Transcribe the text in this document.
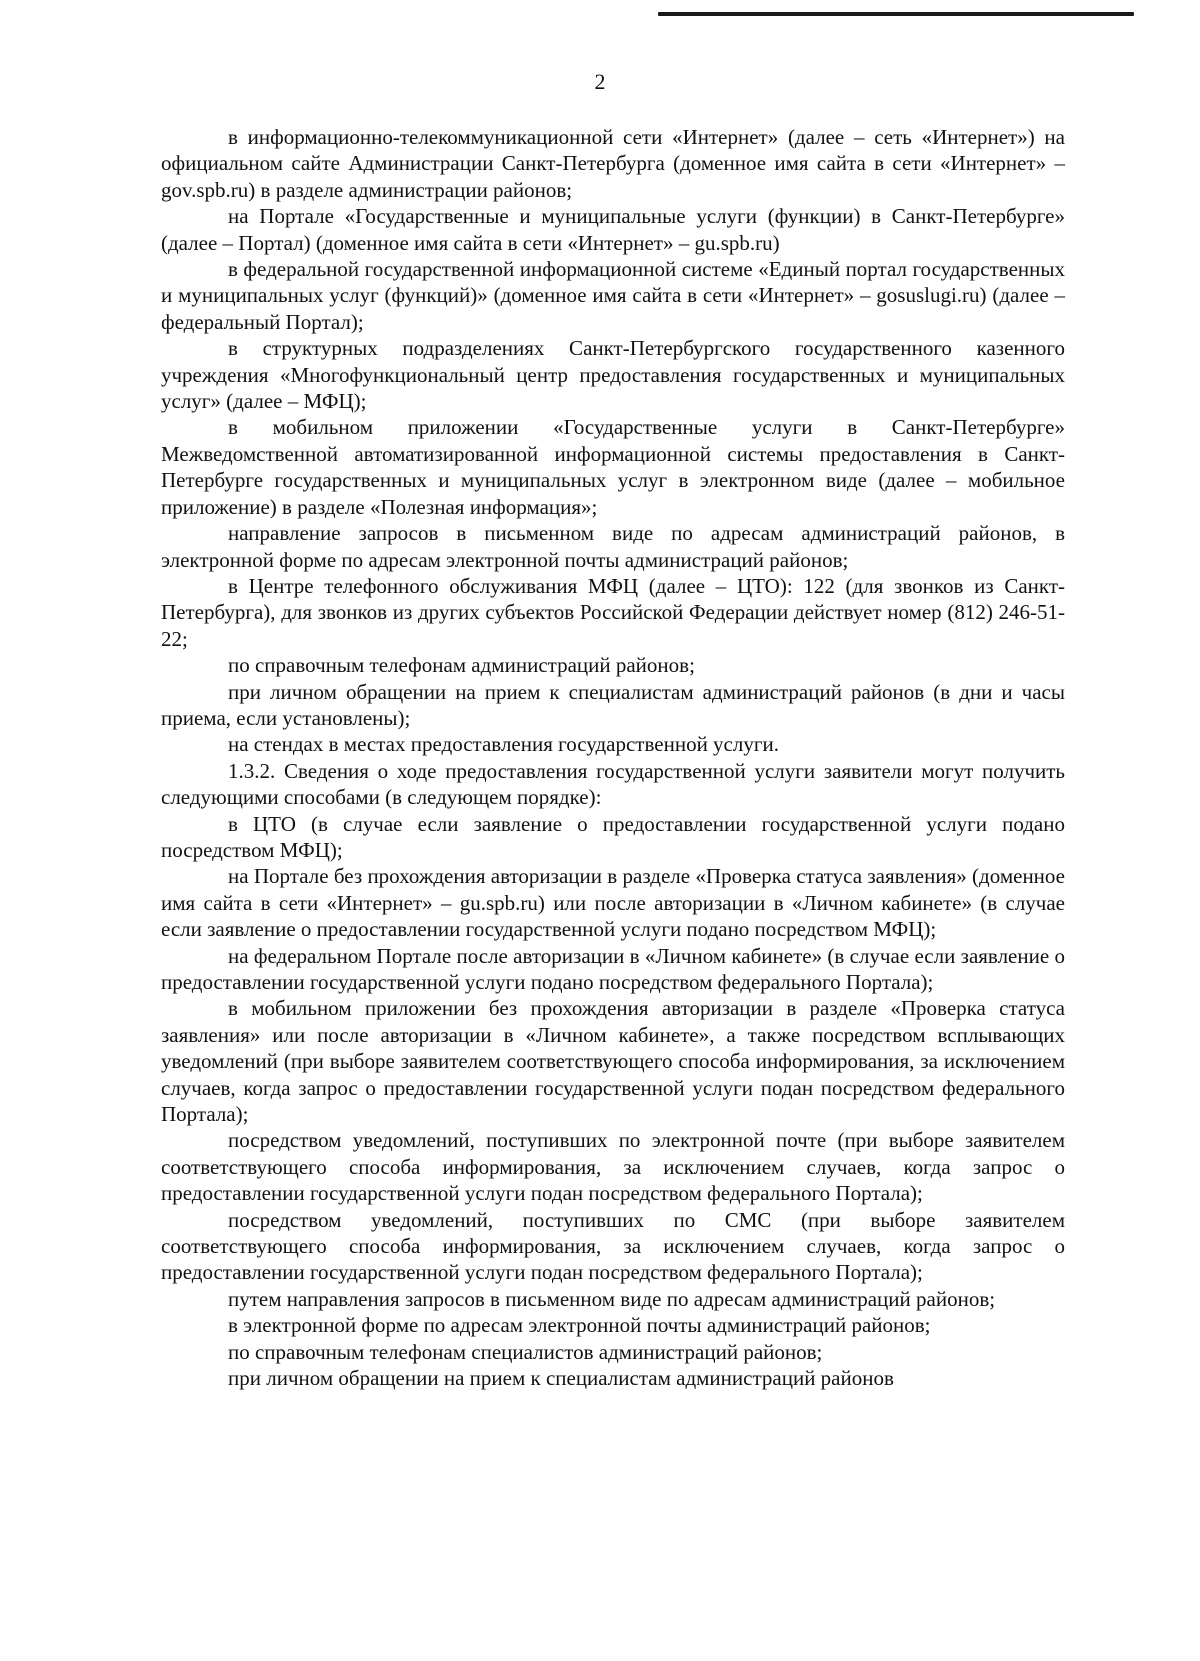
2

в информационно-телекоммуникационной сети «Интернет» (далее – сеть «Интернет») на официальном сайте Администрации Санкт-Петербурга (доменное имя сайта в сети «Интернет» – gov.spb.ru) в разделе администрации районов;

на Портале «Государственные и муниципальные услуги (функции) в Санкт-Петербурге» (далее – Портал) (доменное имя сайта в сети «Интернет» – gu.spb.ru)

в федеральной государственной информационной системе «Единый портал государственных и муниципальных услуг (функций)» (доменное имя сайта в сети «Интернет» – gosuslugi.ru) (далее – федеральный Портал);

в структурных подразделениях Санкт-Петербургского государственного казенного учреждения «Многофункциональный центр предоставления государственных и муниципальных услуг» (далее – МФЦ);

в мобильном приложении «Государственные услуги в Санкт-Петербурге» Межведомственной автоматизированной информационной системы предоставления в Санкт-Петербурге государственных и муниципальных услуг в электронном виде (далее – мобильное приложение) в разделе «Полезная информация»;

направление запросов в письменном виде по адресам администраций районов, в электронной форме по адресам электронной почты администраций районов;

в Центре телефонного обслуживания МФЦ (далее – ЦТО): 122 (для звонков из Санкт-Петербурга), для звонков из других субъектов Российской Федерации действует номер (812) 246-51-22;

по справочным телефонам администраций районов;

при личном обращении на прием к специалистам администраций районов (в дни и часы приема, если установлены);

на стендах в местах предоставления государственной услуги.

1.3.2. Сведения о ходе предоставления государственной услуги заявители могут получить следующими способами (в следующем порядке):

в ЦТО (в случае если заявление о предоставлении государственной услуги подано посредством МФЦ);

на Портале без прохождения авторизации в разделе «Проверка статуса заявления» (доменное имя сайта в сети «Интернет» – gu.spb.ru) или после авторизации в «Личном кабинете» (в случае если заявление о предоставлении государственной услуги подано посредством МФЦ);

на федеральном Портале после авторизации в «Личном кабинете» (в случае если заявление о предоставлении государственной услуги подано посредством федерального Портала);

в мобильном приложении без прохождения авторизации в разделе «Проверка статуса заявления» или после авторизации в «Личном кабинете», а также посредством всплывающих уведомлений (при выборе заявителем соответствующего способа информирования, за исключением случаев, когда запрос о предоставлении государственной услуги подан посредством федерального Портала);

посредством уведомлений, поступивших по электронной почте (при выборе заявителем соответствующего способа информирования, за исключением случаев, когда запрос о предоставлении государственной услуги подан посредством федерального Портала);

посредством уведомлений, поступивших по СМС (при выборе заявителем соответствующего способа информирования, за исключением случаев, когда запрос о предоставлении государственной услуги подан посредством федерального Портала);

путем направления запросов в письменном виде по адресам администраций районов;

в электронной форме по адресам электронной почты администраций районов;

по справочным телефонам специалистов администраций районов;

при личном обращении на прием к специалистам администраций районов
